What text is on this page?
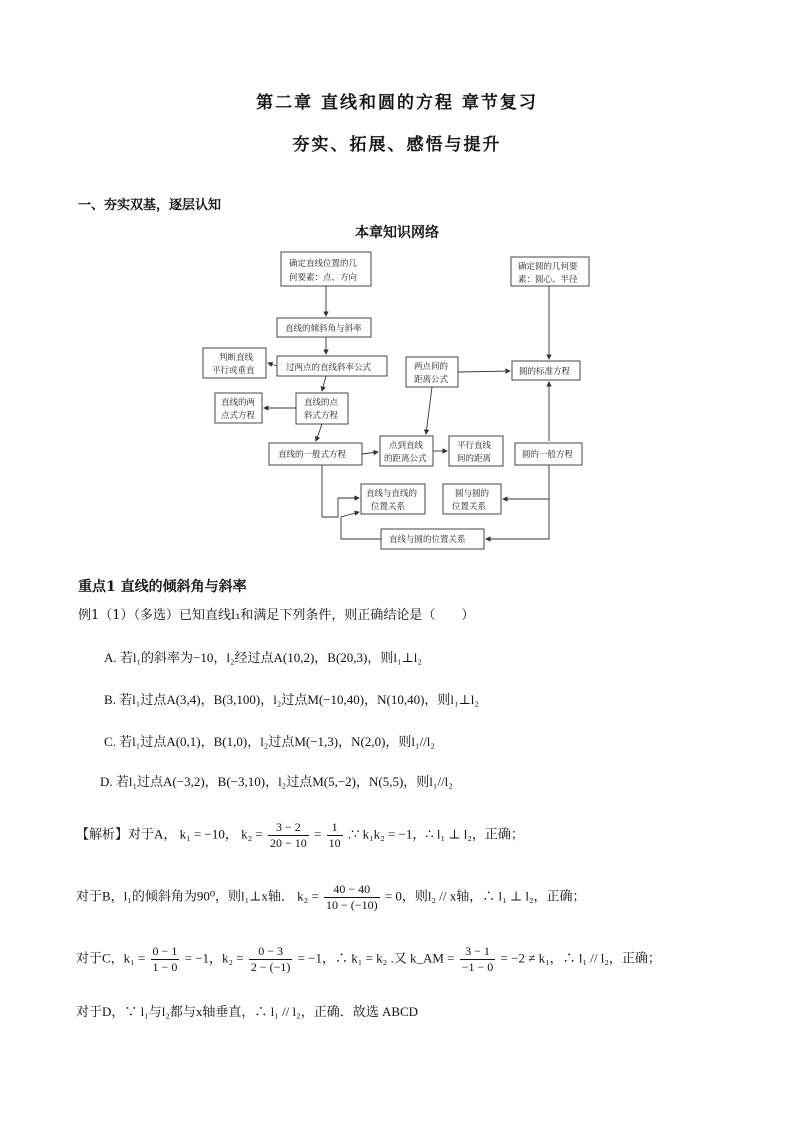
第二章 直线和圆的方程 章节复习
夯实、拓展、感悟与提升
一、夯实双基，逐层认知
本章知识网络
确定直线位置的几
何要素：点、方向
确定圆的几何要
素：圆心、半径
直线的倾斜角与斜率
判断直线
平行或垂直	过两点的直线斜率公式	两点间的
距离公式
圆的标准方程
直线的两
点式方程
直线的点
斜式方程
直线的一般式方程
点到直线
的距离公式
平行直线
间的距离	圆的一般方程
直线与直线的
位置关系
圆与圆的
位置关系
直线与圆的位置关系
重点1 直线的倾斜角与斜率
例1（1）（多选）已知直线l₁和满足下列条件，则正确结论是（　　）
A. 若l₁的斜率为−10，l₂经过点A(10,2)，B(20,3)，则l₁⊥l₂
B. 若l₁过点A(3,4)，B(3,100)，l₂过点M(−10,40)，N(10,40)，则l₁⊥l₂
C. 若l₁过点A(0,1)，B(1,0)，l₂过点M(−1,3)，N(2,0)，则l₁//l₂
D. 若l₁过点A(−3,2)，B(−3,10)，l₂过点M(5,−2)，N(5,5)，则l₁//l₂
【解析】对于A， k₁ = −10， $k_2 = \frac{3 - 2}{20 - 10} = \frac{1}{10}$ .∵ k₁k₂ = −1，∴ l₁ ⊥ l₂，正确；
对于B，l₁的倾斜角为90⁰，则l₁⊥x轴． $k_2 = \frac{40 - 40}{10 - (-10)} = 0$，则l₂ // x轴，∴ l₁ ⊥ l₂，正确；
对于C，$k_1 = \frac{0 - 1}{1 - 0} = -1$，$k_2 = \frac{0 - 3}{2 - (-1)} = -1$，∴ k₁ = k₂ .又 k_AM = $\frac{3 - 1}{-1 - 0} = -2 \ne k_1$，∴ l₁ // l₂，正确；
对于D，∵ l₁与l₂都与x轴垂直，∴ l₁ // l₂，正确．故选 ABCD
